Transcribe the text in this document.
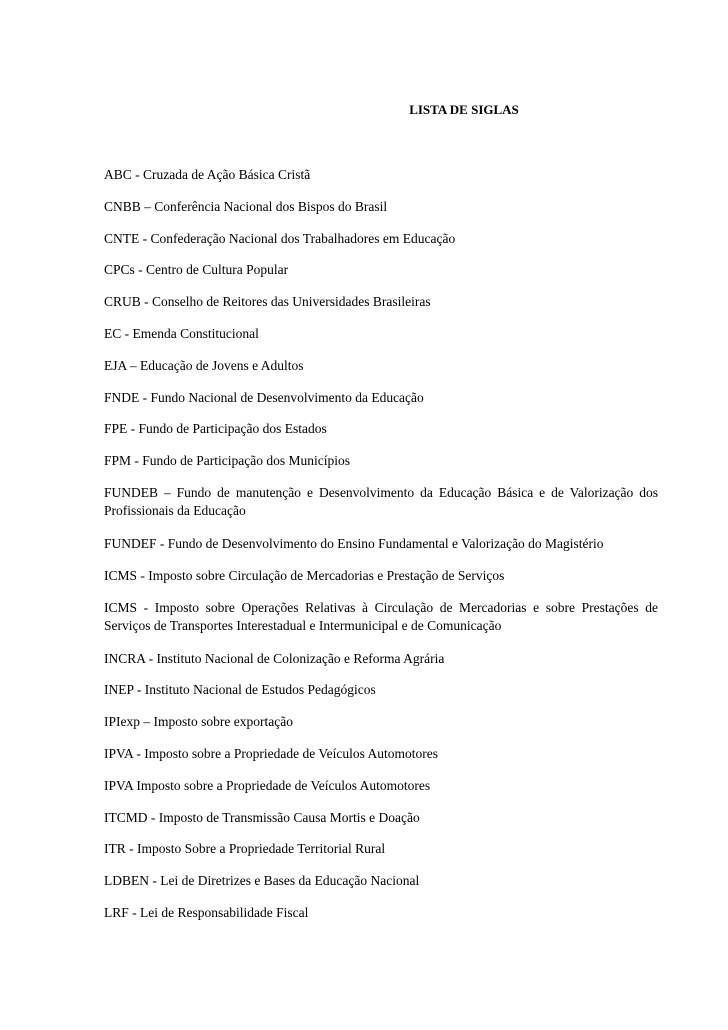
LISTA DE SIGLAS

ABC - Cruzada de Ação Básica Cristã

CNBB – Conferência Nacional dos Bispos do Brasil

CNTE - Confederação Nacional dos Trabalhadores em Educação

CPCs - Centro de Cultura Popular

CRUB - Conselho de Reitores das Universidades Brasileiras

EC - Emenda Constitucional

EJA – Educação de Jovens e Adultos

FNDE - Fundo Nacional de Desenvolvimento da Educação

FPE - Fundo de Participação dos Estados

FPM - Fundo de Participação dos Municípios

FUNDEB – Fundo de manutenção e Desenvolvimento da Educação Básica e de Valorização dos Profissionais da Educação

FUNDEF - Fundo de Desenvolvimento do Ensino Fundamental e Valorização do Magistério

ICMS - Imposto sobre Circulação de Mercadorias e Prestação de Serviços

ICMS - Imposto sobre Operações Relativas à Circulação de Mercadorias e sobre Prestações de Serviços de Transportes Interestadual e Intermunicipal e de Comunicação

INCRA - Instituto Nacional de Colonização e Reforma Agrária

INEP - Instituto Nacional de Estudos Pedagógicos

IPIexp – Imposto sobre exportação

IPVA - Imposto sobre a Propriedade de Veículos Automotores

IPVA Imposto sobre a Propriedade de Veículos Automotores

ITCMD - Imposto de Transmissão Causa Mortis e Doação

ITR - Imposto Sobre a Propriedade Territorial Rural

LDBEN - Lei de Diretrizes e Bases da Educação Nacional

LRF - Lei de Responsabilidade Fiscal
